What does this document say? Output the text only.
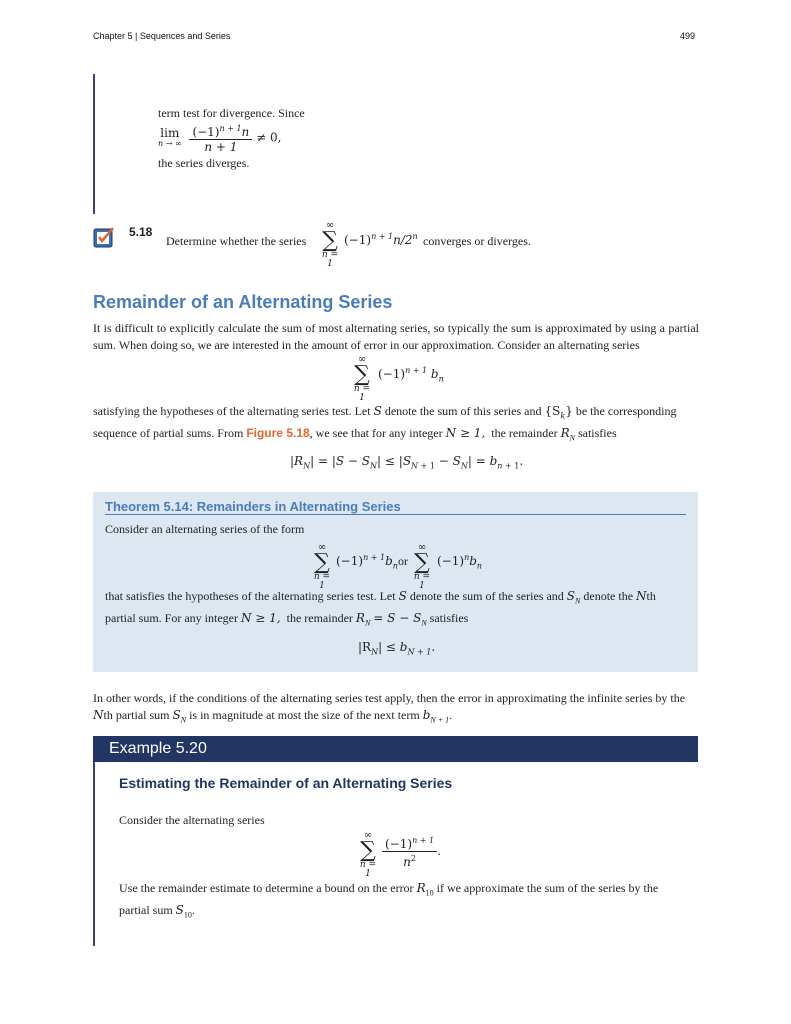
Chapter 5 | Sequences and Series	499
term test for divergence. Since
lim
n → ∞
$\frac{(-1)^{n + 1}n}{n + 1} \ne 0$,
the series diverges.
5.18
Determine whether the series
∞
∑
n = 1
$(-1)^{n + 1}n/2^n$ converges or diverges.
Remainder of an Alternating Series
It is difficult to explicitly calculate the sum of most alternating series, so typically the sum is approximated by using a partial sum. When doing so, we are interested in the amount of error in our approximation. Consider an alternating series
∞
∑
n = 1
$(-1)^{n + 1}$ $b_n$
satisfying the hypotheses of the alternating series test. Let S denote the sum of this series and $\{S_k\}$ be the corresponding
sequence of partial sums. From Figure 5.18, we see that for any integer N ≥ 1, the remainder $R_N$ satisfies
$|R_N| = |S - S_N| \le |S_{N + 1} - S_N| = b_{n + 1}$.
Theorem 5.14: Remainders in Alternating Series
Consider an alternating series of the form
∞
∑
n = 1
$(-1)^{n + 1}b_nor$
∞
∑
n = 1
$(-1)^nb_n$
that satisfies the hypotheses of the alternating series test. Let S denote the sum of the series and $S_N$ denote the Nth
partial sum. For any integer N ≥ 1, the remainder $R_N = S - S_N$ satisfies
$|R_N| \le b_{N + 1}$.
In other words, if the conditions of the alternating series test apply, then the error in approximating the infinite series by the
Nth partial sum $S_N$ is in magnitude at most the size of the next term $b_{N + 1}$.
Example 5.20
Estimating the Remainder of an Alternating Series
Consider the alternating series
∞
∑
n = 1
$\frac{(-1)^{n + 1}}{n^2}$ .
Use the remainder estimate to determine a bound on the error $R_{10}$ if we approximate the sum of the series by the
partial sum $S_{10}$.
